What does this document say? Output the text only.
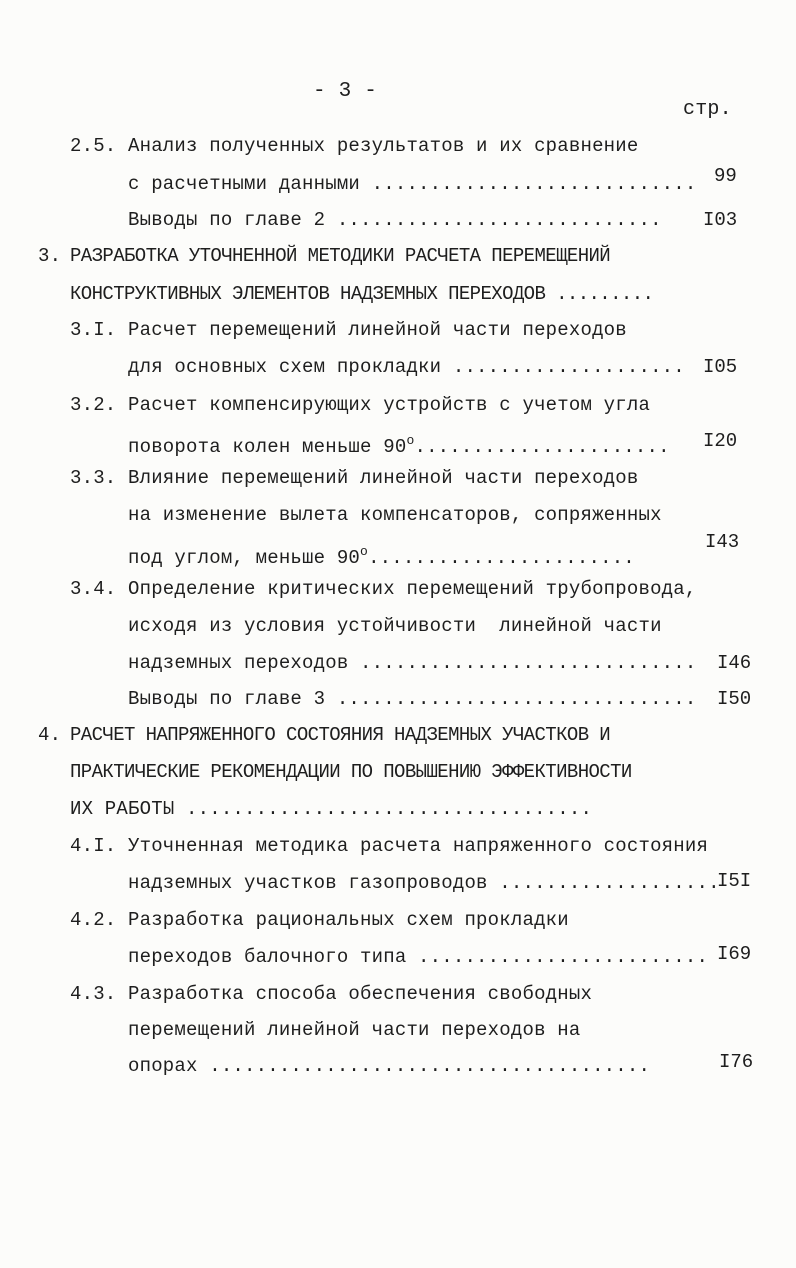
- 3 -
стр.
2.5. Анализ полученных результатов и их сравнение
с расчетными данными ............................ 99
Выводы по главе 2 ............................ I03
3. РАЗРАБОТКА УТОЧНЕННОЙ МЕТОДИКИ РАСЧЕТА ПЕРЕМЕЩЕНИЙ
КОНСТРУКТИВНЫХ ЭЛЕМЕНТОВ НАДЗЕМНЫХ ПЕРЕХОДОВ .........
3.I. Расчет перемещений линейной части переходов
для основных схем прокладки .................... I05
3.2. Расчет компенсирующих устройств с учетом угла
поворота колен меньше $90^о$...................... I20
3.3. Влияние перемещений линейной части переходов
на изменение вылета компенсаторов, сопряженных
под углом, меньше $90^о$.......................
I43
3.4. Определение критических перемещений трубопровода,
исходя из условия устойчивости  линейной части
надземных переходов ............................. I46
Выводы по главе 3 ............................... I50
4. РАСЧЕТ НАПРЯЖЕННОГО СОСТОЯНИЯ НАДЗЕМНЫХ УЧАСТКОВ И
ПРАКТИЧЕСКИЕ РЕКОМЕНДАЦИИ ПО ПОВЫШЕНИЮ ЭФФЕКТИВНОСТИ
ИХ РАБОТЫ ...................................
4.I. Уточненная методика расчета напряженного состояния
надземных участков газопроводов ...................
I5I
4.2. Разработка рациональных схем прокладки
переходов балочного типа ......................... I69
4.3. Разработка способа обеспечения свободных
перемещений линейной части переходов на
опорах ......................................	I76
